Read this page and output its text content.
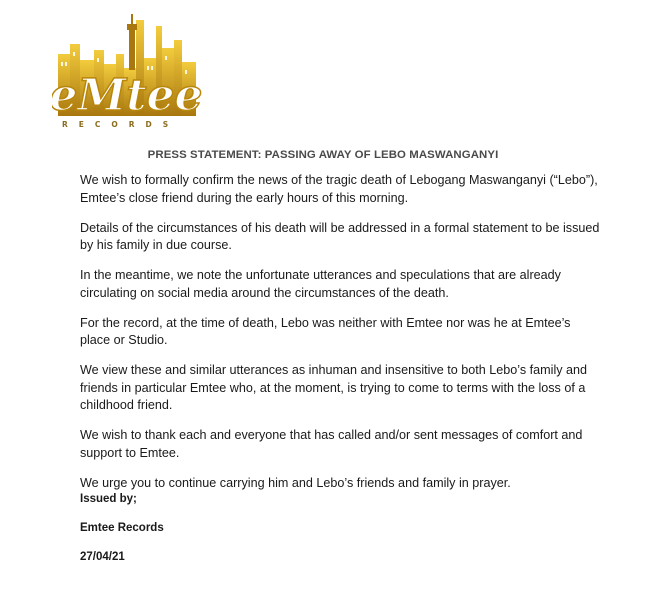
eMtee
RECORDS
PRESS STATEMENT: PASSING AWAY OF LEBO MASWANGANYI

We wish to formally confirm the news of the tragic death of Lebogang Maswanganyi (“Lebo”), Emtee’s close friend during the early hours of this morning.

Details of the circumstances of his death will be addressed in a formal statement to be issued by his family in due course.

In the meantime, we note the unfortunate utterances and speculations that are already circulating on social media around the circumstances of the death.

For the record, at the time of death, Lebo was neither with Emtee nor was he at Emtee’s place or Studio.

We view these and similar utterances as inhuman and insensitive to both Lebo’s family and friends in particular Emtee who, at the moment, is trying to come to terms with the loss of a childhood friend.

We wish to thank each and everyone that has called and/or sent messages of comfort and support to Emtee.

We urge you to continue carrying him and Lebo’s friends and family in prayer.

Issued by;
Emtee Records
27/04/21
